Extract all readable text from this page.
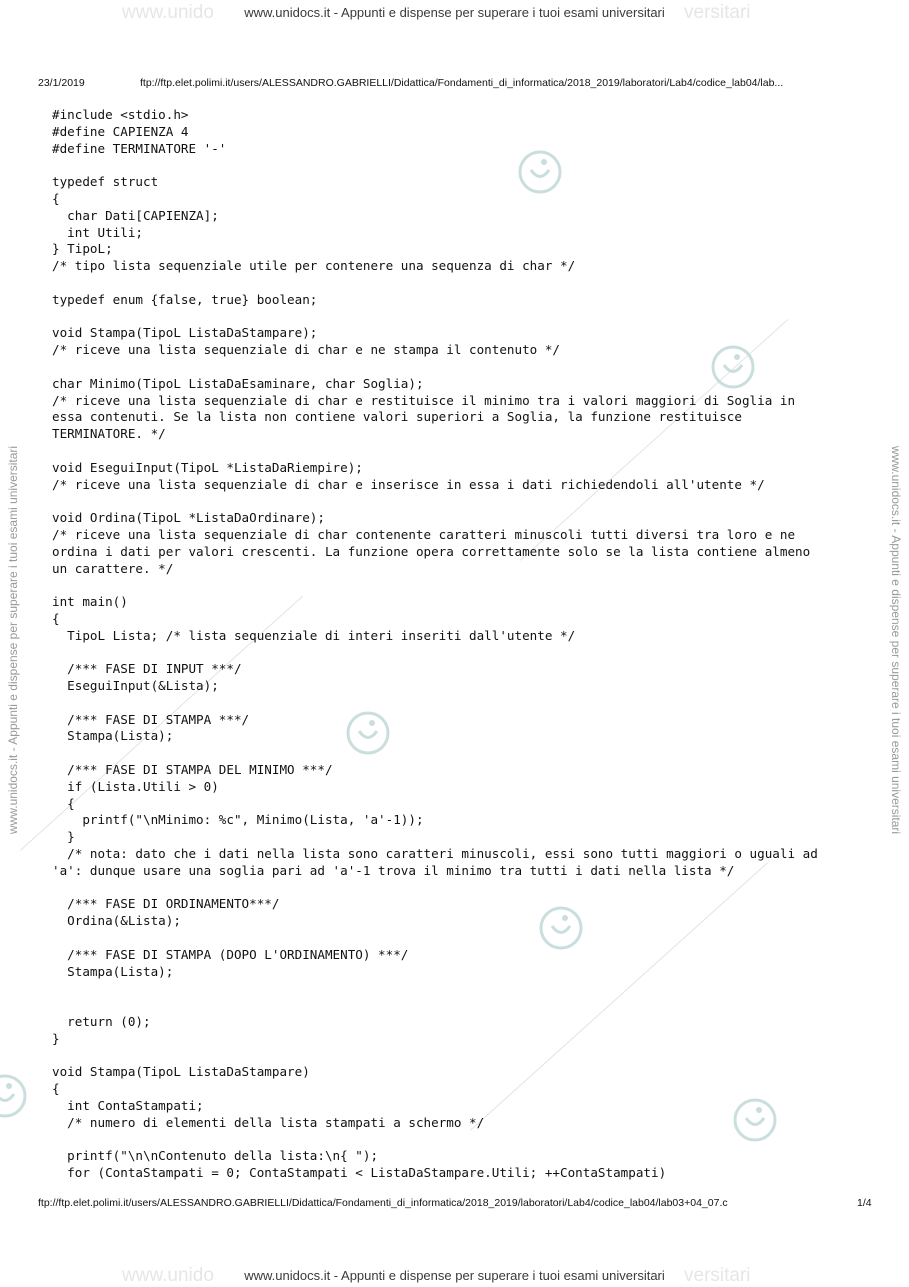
www.unido	versitari
www.unido	versitari
www.unidocs.it - Appunti e dispense per superare i tuoi esami universitari
www.unidocs.it - Appunti e dispense per superare i tuoi esami universitari
www.unidocs.it - Appunti e dispense per superare i tuoi esami universitari	www.unidocs.it - Appunti e dispense per superare i tuoi esami universitari
23/1/2019	ftp://ftp.elet.polimi.it/users/ALESSANDRO.GABRIELLI/Didattica/Fondamenti_di_informatica/2018_2019/laboratori/Lab4/codice_lab04/lab...
#include <stdio.h>
#define CAPIENZA 4
#define TERMINATORE '-'
typedef struct
{
char Dati[CAPIENZA];
int Utili;
} TipoL;
/* tipo lista sequenziale utile per contenere una sequenza di char */
typedef enum {false, true} boolean;
void Stampa(TipoL ListaDaStampare);
/* riceve una lista sequenziale di char e ne stampa il contenuto */
char Minimo(TipoL ListaDaEsaminare, char Soglia);
/* riceve una lista sequenziale di char e restituisce il minimo tra i valori maggiori di Soglia in
essa contenuti. Se la lista non contiene valori superiori a Soglia, la funzione restituisce
TERMINATORE. */
void EseguiInput(TipoL *ListaDaRiempire);
/* riceve una lista sequenziale di char e inserisce in essa i dati richiedendoli all'utente */
void Ordina(TipoL *ListaDaOrdinare);
/* riceve una lista sequenziale di char contenente caratteri minuscoli tutti diversi tra loro e ne
ordina i dati per valori crescenti. La funzione opera correttamente solo se la lista contiene almeno
un carattere. */
int main()
{
TipoL Lista; /* lista sequenziale di interi inseriti dall'utente */
/*** FASE DI INPUT ***/
EseguiInput(&Lista);
/*** FASE DI STAMPA ***/
Stampa(Lista);
/*** FASE DI STAMPA DEL MINIMO ***/
if (Lista.Utili > 0)
{
printf("\nMinimo: %c", Minimo(Lista, 'a'-1));
}
/* nota: dato che i dati nella lista sono caratteri minuscoli, essi sono tutti maggiori o uguali ad
'a': dunque usare una soglia pari ad 'a'-1 trova il minimo tra tutti i dati nella lista */
/*** FASE DI ORDINAMENTO***/
Ordina(&Lista);
/*** FASE DI STAMPA (DOPO L'ORDINAMENTO) ***/
Stampa(Lista);
return (0);
}
void Stampa(TipoL ListaDaStampare)
{
int ContaStampati;
/* numero di elementi della lista stampati a schermo */
printf("\n\nContenuto della lista:\n{ ");
for (ContaStampati = 0; ContaStampati < ListaDaStampare.Utili; ++ContaStampati)
ftp://ftp.elet.polimi.it/users/ALESSANDRO.GABRIELLI/Didattica/Fondamenti_di_informatica/2018_2019/laboratori/Lab4/codice_lab04/lab03+04_07.c	1/4
